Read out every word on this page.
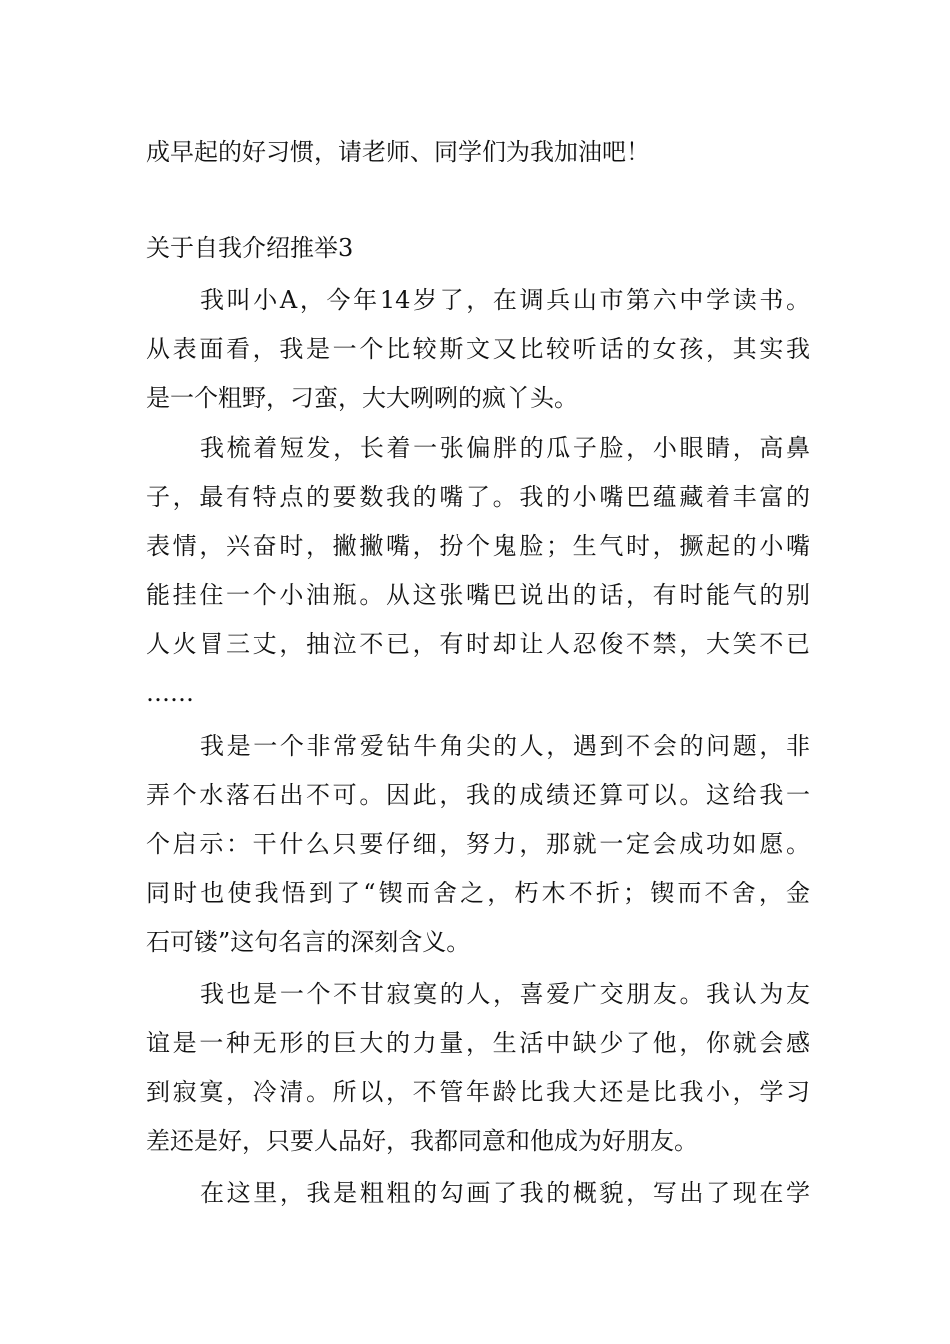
成早起的好习惯，请老师、同学们为我加油吧！
关于自我介绍推举3
我叫小A，今年14岁了，在调兵山市第六中学读书。
从表面看，我是一个比较斯文又比较听话的女孩，其实我
是一个粗野，刁蛮，大大咧咧的疯丫头。
我梳着短发，长着一张偏胖的瓜子脸，小眼睛，高鼻
子，最有特点的要数我的嘴了。我的小嘴巴蕴藏着丰富的
表情，兴奋时，撇撇嘴，扮个鬼脸；生气时，撅起的小嘴
能挂住一个小油瓶。从这张嘴巴说出的话，有时能气的别
人火冒三丈，抽泣不已，有时却让人忍俊不禁，大笑不已
……
我是一个非常爱钻牛角尖的人，遇到不会的问题，非
弄个水落石出不可。因此，我的成绩还算可以。这给我一
个启示：干什么只要仔细，努力，那就一定会成功如愿。
同时也使我悟到了“锲而舍之，朽木不折；锲而不舍，金
石可镂”这句名言的深刻含义。
我也是一个不甘寂寞的人，喜爱广交朋友。我认为友
谊是一种无形的巨大的力量，生活中缺少了他，你就会感
到寂寞，冷清。所以，不管年龄比我大还是比我小，学习
差还是好，只要人品好，我都同意和他成为好朋友。
在这里，我是粗粗的勾画了我的概貌，写出了现在学
